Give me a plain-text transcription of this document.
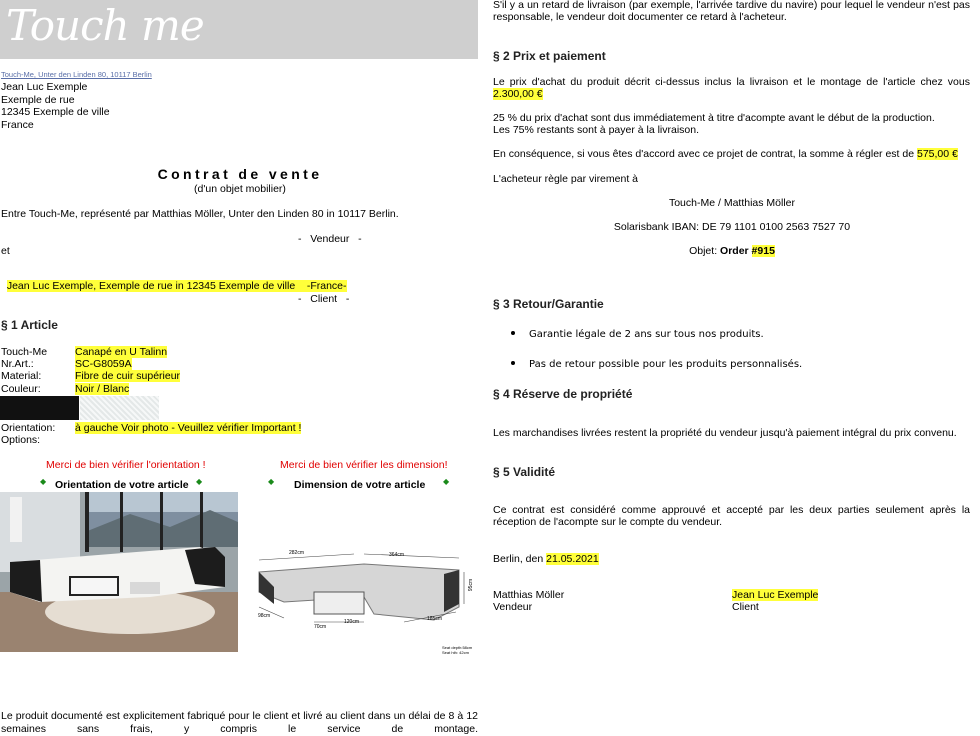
Touch me
Touch-Me, Unter den Linden 80, 10117 Berlin
Jean Luc Exemple
Exemple de rue
12345 Exemple de ville
France
Contrat de vente
(d'un objet mobilier)
Entre Touch-Me, représenté par Matthias Möller, Unter den Linden 80 in 10117 Berlin.
-   Vendeur   -
et

Jean Luc Exemple, Exemple de rue in 12345 Exemple de ville    -France-

-   Client   -
§ 1 Article
Touch-Me	Canapé en U Talinn
Nr.Art.:	SC-G8059A
Material:	Fibre de cuir supérieur
Couleur:	Noir / Blanc
Orientation: à gauche Voir photo - Veuillez vérifier Important !
Options:
Merci de bien vérifier l'orientation !	Merci de bien vérifier les dimension!
◆ Orientation de votre article ◆	◆ Dimension de votre article ◆
282cm	364cm
95cm
98cm
70cm
120cm	185cm
Seat depth:58cm
Seat hth: 42cm
Le produit documenté est explicitement fabriqué pour le client et livré au client dans un délai de 8 à 12 semaines sans frais, y compris le service de montage.
S'il y a un retard de livraison (par exemple, l'arrivée tardive du navire) pour lequel le vendeur n'est pas responsable, le vendeur doit documenter ce retard à l'acheteur.
§ 2 Prix et paiement
Le prix d'achat du produit décrit ci-dessus inclus la livraison et le montage de l'article chez vous 2.300,00 €
25 % du prix d'achat sont dus immédiatement à titre d'acompte avant le début de la production.
Les 75% restants sont à payer à la livraison.
En conséquence, si vous êtes d'accord avec ce projet de contrat, la somme à régler est de 575,00 €
L'acheteur règle par virement à
Touch-Me / Matthias Möller
Solarisbank IBAN: DE 79 1101 0100 2563 7527 70
Objet: Order #915
§ 3 Retour/Garantie
Garantie légale de 2 ans sur tous nos produits.
Pas de retour possible pour les produits personnalisés.
§ 4 Réserve de propriété
Les marchandises livrées restent la propriété du vendeur jusqu'à paiement intégral du prix convenu.
§ 5 Validité
Ce contrat est considéré comme approuvé et accepté par les deux parties seulement après la réception de l'acompte sur le compte du vendeur.
Berlin, den 21.05.2021
Matthias Möller
Vendeur
Jean Luc Exemple
Client
